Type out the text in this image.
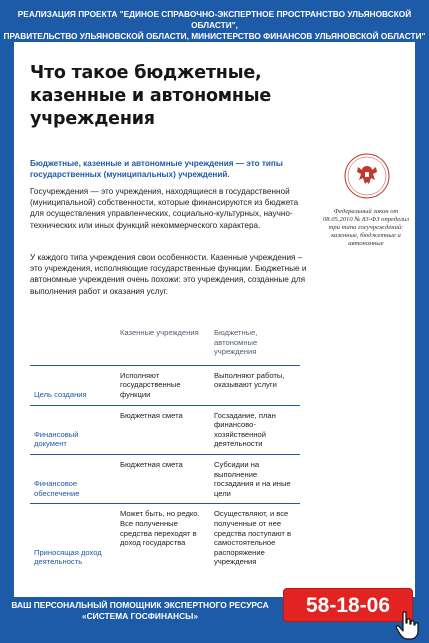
РЕАЛИЗАЦИЯ ПРОЕКТА "ЕДИНОЕ СПРАВОЧНО-ЭКСПЕРТНОЕ ПРОСТРАНСТВО УЛЬЯНОВСКОЙ ОБЛАСТИ",
ПРАВИТЕЛЬСТВО УЛЬЯНОВСКОЙ ОБЛАСТИ, МИНИСТЕРСТВО ФИНАНСОВ УЛЬЯНОВСКОЙ ОБЛАСТИ"
Что такое бюджетные, казенные и автономные учреждения
Федеральный закон от 08.05.2010 № 83-ФЗ определил три типа госучреждений: казенные, бюджетные и автономные
Бюджетные, казенные и автономные учреждения — это типы государственных (муниципальных) учреждений.
Госучреждения — это учреждения, находящиеся в государственной (муниципальной) собственности, которые финансируются из бюджета для осуществления управленческих, социально-культурных, научно-технических или иных функций некоммерческого характера.
У каждого типа учреждения свои особенности. Казенные учреждения – это учреждения, исполняющие государственные функции. Бюджетные и автономные учреждения очень похожи: это учреждения, созданные для выполнения работ и оказания услуг.
	Казенные учреждения	Бюджетные, автономные учреждения
Цель создания	Исполняют государственные функции	Выполняют работы, оказывают услуги
Финансовый документ	Бюджетная смета	Госзадание, план финансово-хозяйственной деятельности
Финансовое обеспечение	Бюджетная смета	Субсидии на выполнение госзадания и на иные цели
Приносящая доход деятельность	Может быть, но редко. Все полученные средства переходят в доход государства	Осуществляют, и все полученные от нее средства поступают в самостоятельное распоряжение учреждения
ВАШ ПЕРСОНАЛЬНЫЙ ПОМОЩНИК ЭКСПЕРТНОГО РЕСУРСА
«СИСТЕМА ГОСФИНАНСЫ»	58-18-06
